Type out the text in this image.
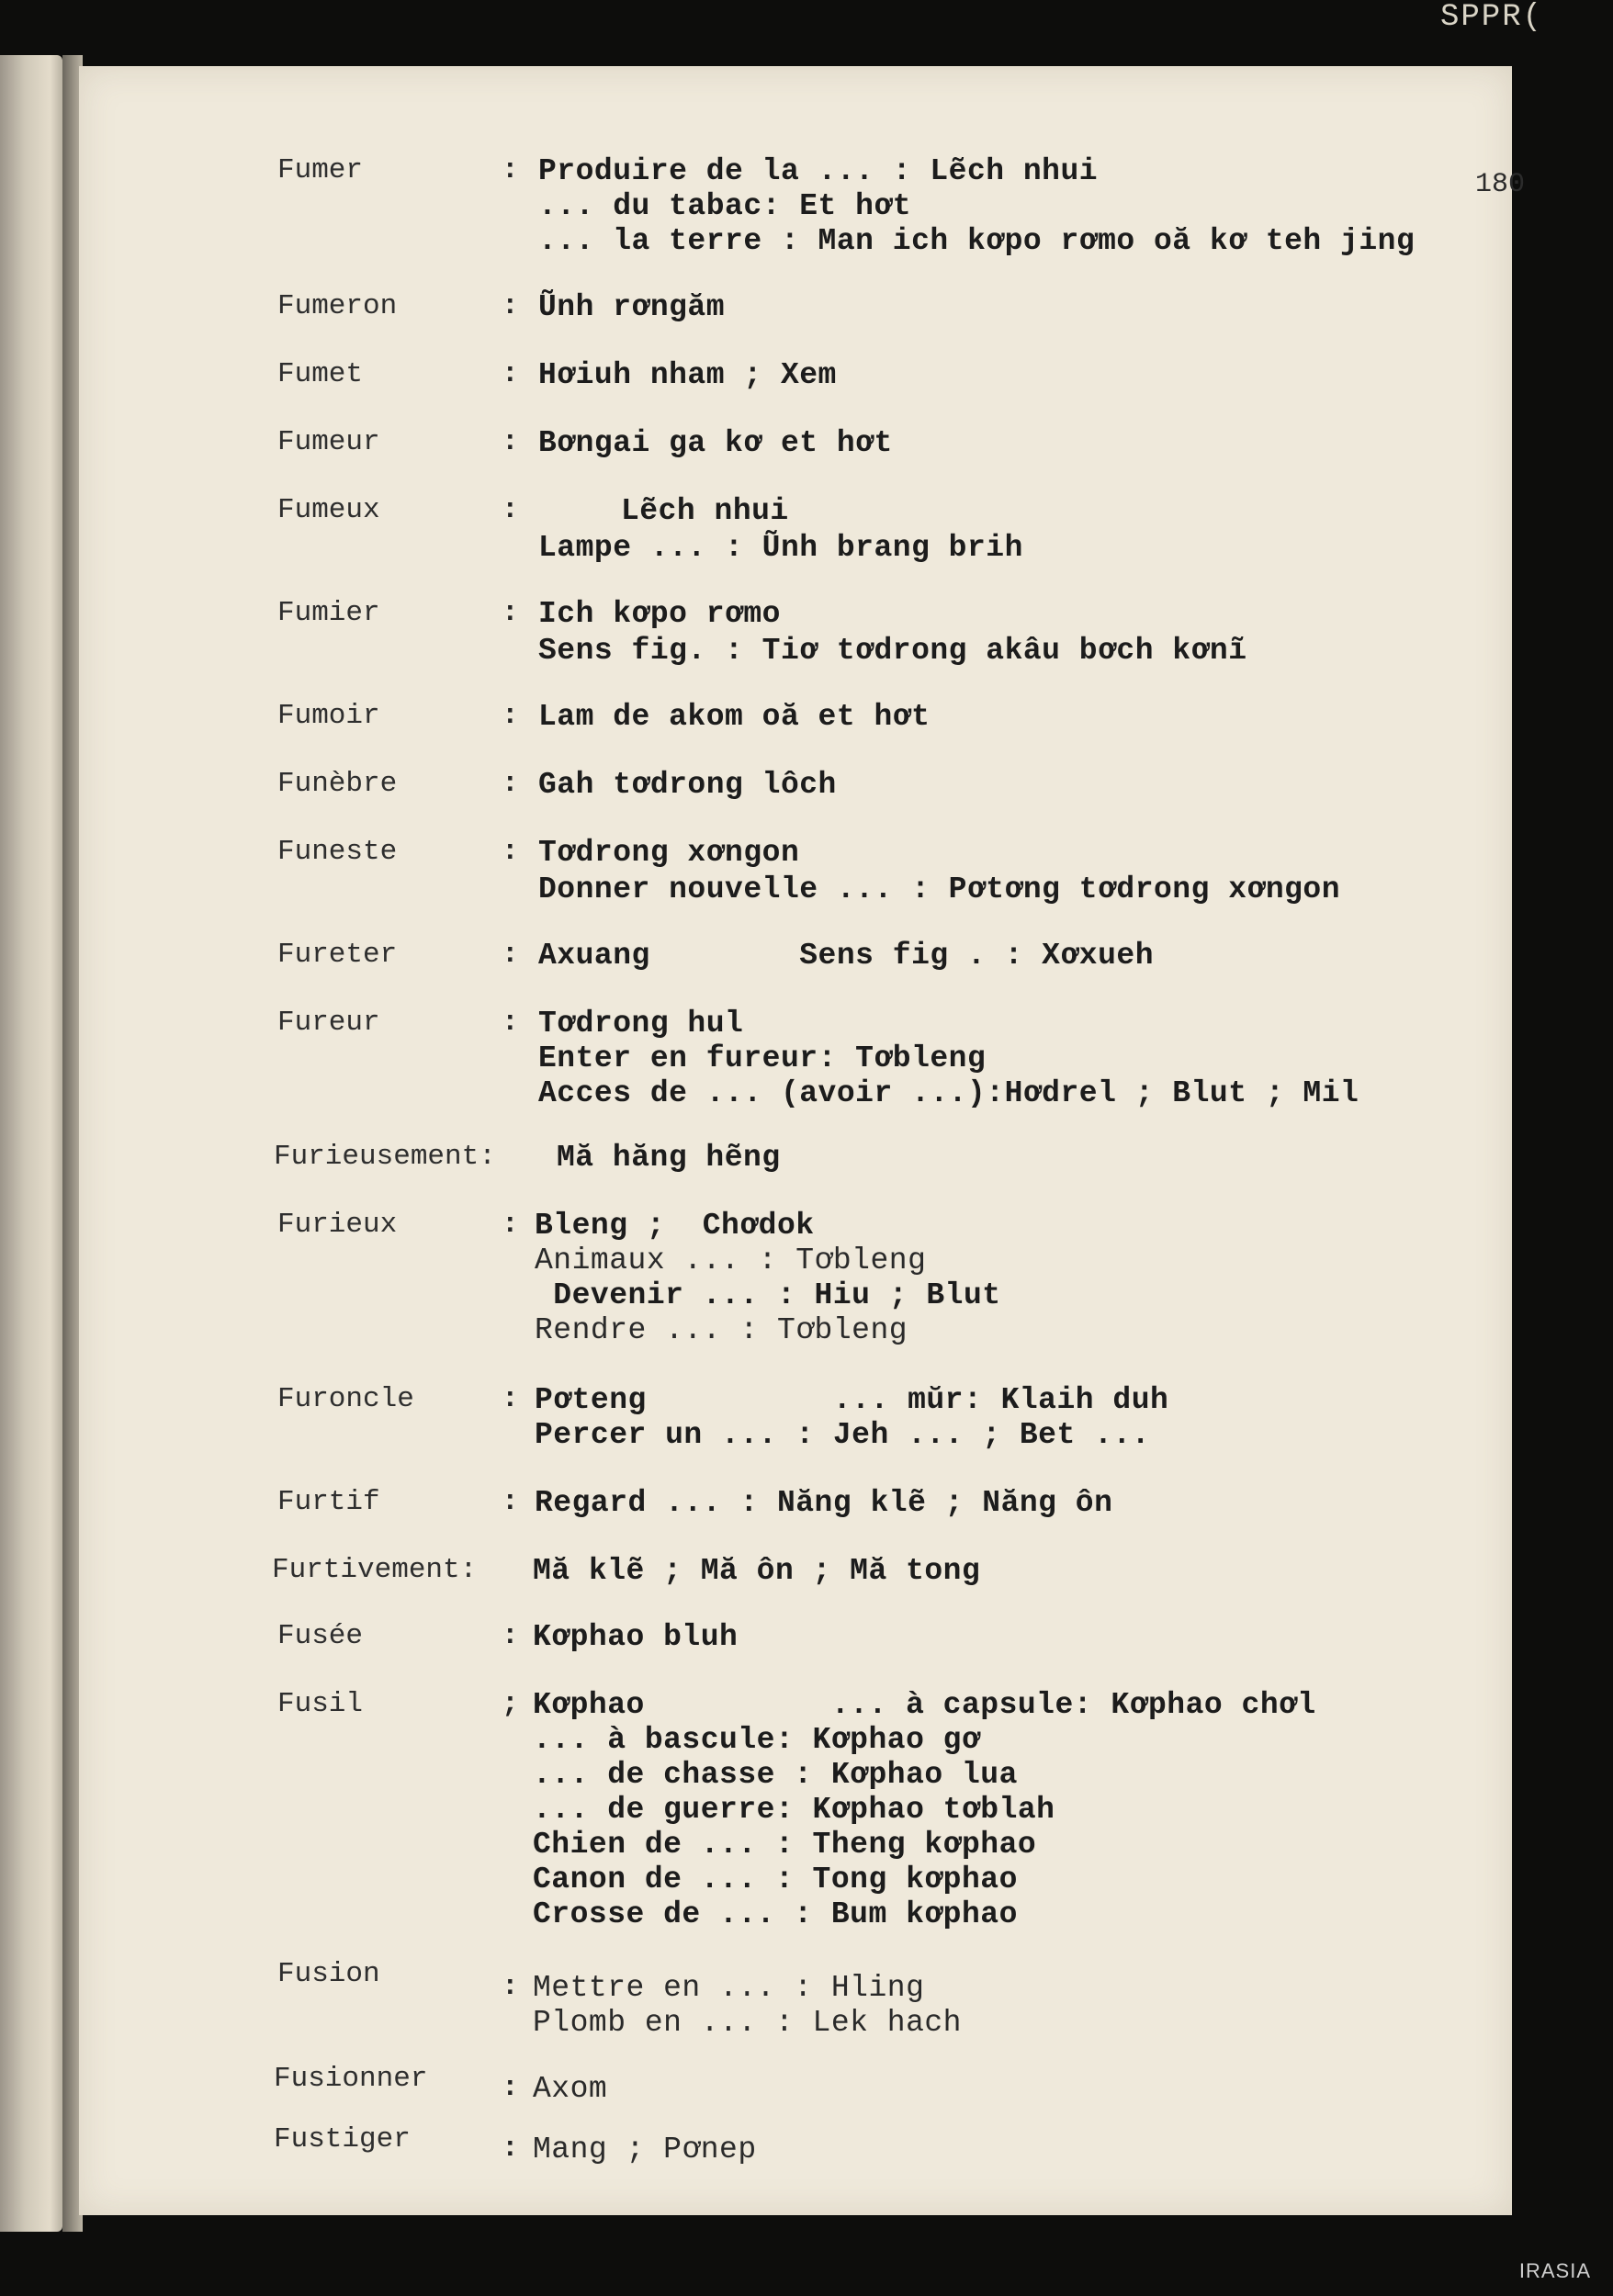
SPPR(
180
Fumer	: Produire de la ... : Lẽch nhui
... du tabac: Et hơt
... la terre : Man ich kơpo rơmo oă kơ teh jing
Fumeron	: Ũnh rơngăm
Fumet	: Hơiuh nham ; Xem
Fumeur	: Bơngai ga kơ et hơt
Fumeux	:	Lẽch nhui
Lampe ... : Ũnh brang brih
Fumier	: Ich kơpo rơmo
Sens fig. : Tiơ tơdrong akâu bơch kơnĩ
Fumoir	: Lam de akom oă et hơt
Funèbre	: Gah tơdrong lôch
Funeste	: Tơdrong xơngon
Donner nouvelle ... : Pơtơng tơdrong xơngon
Fureter	: Axuang        Sens fig . : Xơxueh
Fureur	: Tơdrong hul
Enter en fureur: Tơbleng
Acces de ... (avoir ...):Hơdrel ; Blut ; Mil
Furieusement: Mă hăng hẽng
Furieux	: Bleng ;  Chơdok
Animaux ... : Tơbleng
Devenir ... : Hiu ; Blut
Rendre ... : Tơbleng
Furoncle	: Pơteng          ... mŭr: Klaih duh
Percer un ... : Jeh ... ; Bet ...
Furtif	: Regard ... : Năng klẽ ; Năng ôn
Furtivement: Mă klẽ ; Mă ôn ; Mă tong
Fusée	: Kơphao bluh
Fusil	; Kơphao          ... à capsule: Kơphao chơl
... à bascule: Kơphao gơ
... de chasse : Kơphao lua
... de guerre: Kơphao tơblah
Chien de ... : Theng kơphao
Canon de ... : Tong kơphao
Crosse de ... : Bum kơphao
Fusion	: Mettre en ... : Hling
Plomb en ... : Lek hach
Fusionner	: Axom
Fustiger	: Mang ; Pơnep
IRASIA
